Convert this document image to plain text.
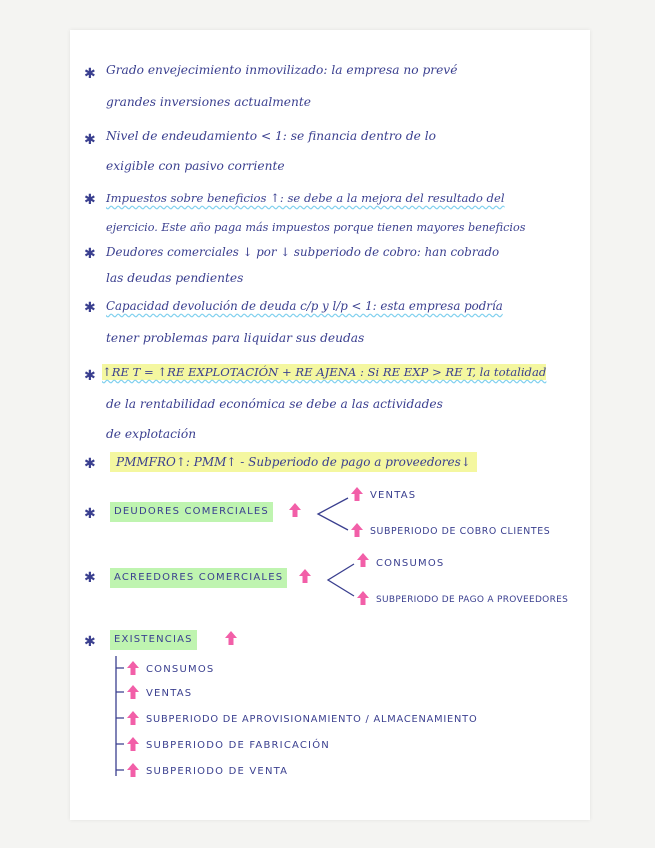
✱ Grado envejecimiento inmovilizado: la empresa no prevé
grandes inversiones actualmente
✱ Nivel de endeudamiento < 1: se financia dentro de lo
exigible con pasivo corriente
✱ Impuestos sobre beneficios ↑: se debe a la mejora del resultado del
ejercicio. Este año paga más impuestos porque tienen mayores beneficios
✱ Deudores comerciales ↓ por ↓ subperiodo de cobro: han cobrado
las deudas pendientes
✱ Capacidad devolución de deuda c/p y l/p < 1: esta empresa podría
tener problemas para liquidar sus deudas
✱ ↑RE T = ↑RE EXPLOTACIÓN + RE AJENA : Si RE EXP > RE T, la totalidad
de la rentabilidad económica se debe a las actividades
de explotación
✱	PMMFRO↑: PMM↑ - Subperiodo de pago a proveedores↓
✱	DEUDORES COMERCIALES
VENTAS
SUBPERIODO DE COBRO CLIENTES
✱	ACREEDORES COMERCIALES
CONSUMOS
SUBPERIODO DE PAGO A PROVEEDORES
✱	EXISTENCIAS
CONSUMOS
VENTAS
SUBPERIODO DE APROVISIONAMIENTO / ALMACENAMIENTO
SUBPERIODO DE FABRICACIÓN
SUBPERIODO DE VENTA
